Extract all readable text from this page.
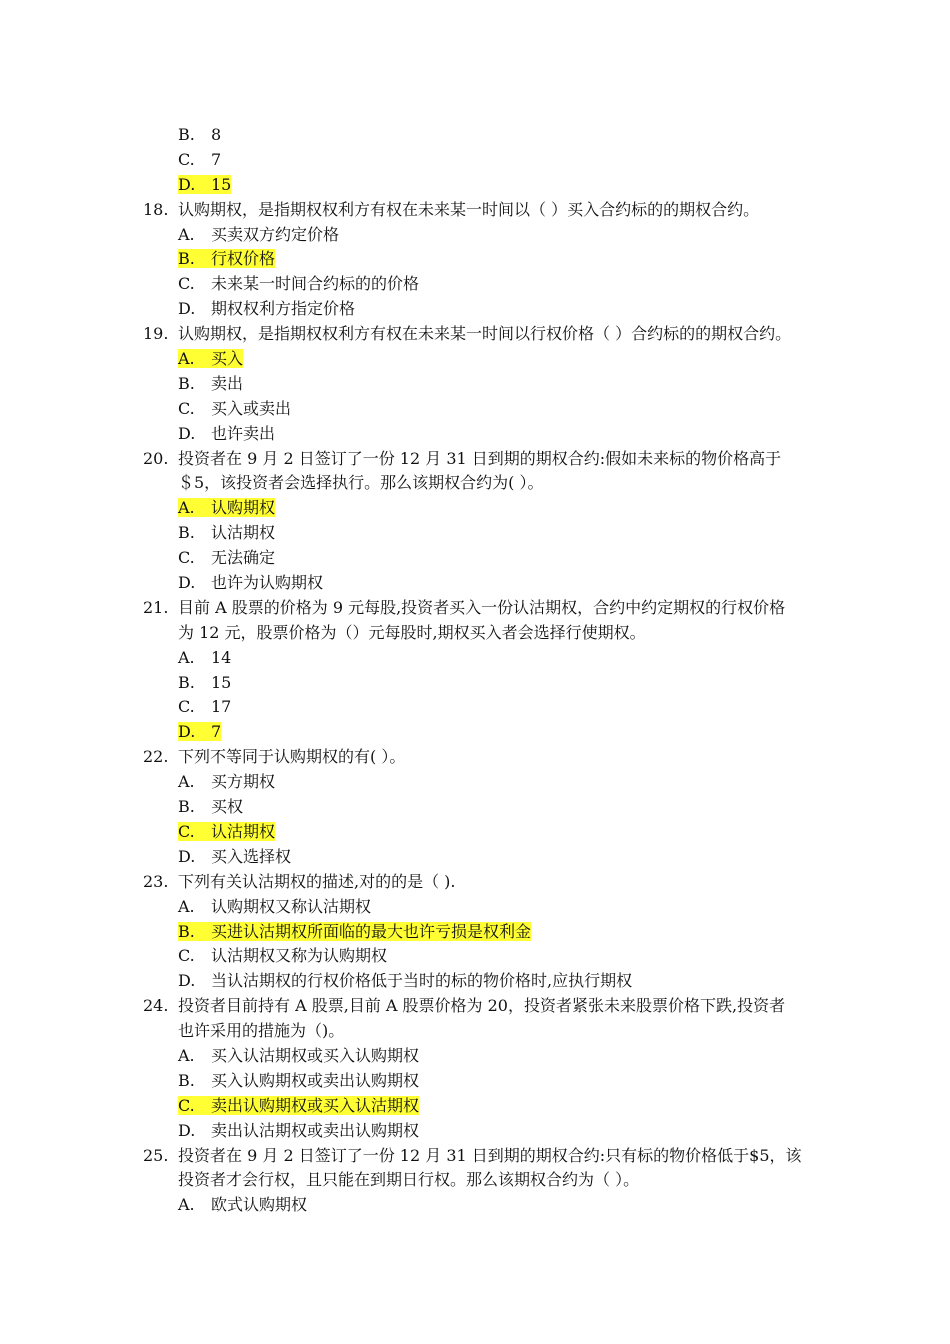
B. 8
C. 7
D. 15
18. 认购期权，是指期权权利方有权在未来某一时间以（ ）买入合约标的的期权合约。
A. 买卖双方约定价格
B. 行权价格
C. 未来某一时间合约标的的价格
D. 期权权利方指定价格
19. 认购期权，是指期权权利方有权在未来某一时间以行权价格（ ）合约标的的期权合约。
A. 买入
B. 卖出
C. 买入或卖出
D. 也许卖出
20. 投资者在 9 月 2 日签订了一份 12 月 31 日到期的期权合约:假如未来标的物价格高于
＄5，该投资者会选择执行。那么该期权合约为( ）。
A. 认购期权
B. 认沽期权
C. 无法确定
D. 也许为认购期权
21. 目前 A 股票的价格为 9 元每股,投资者买入一份认沽期权，合约中约定期权的行权价格
为 12 元，股票价格为（）元每股时,期权买入者会选择行使期权。
A. 14
B. 15
C. 17
D. 7
22. 下列不等同于认购期权的有( ）。
A. 买方期权
B. 买权
C. 认沽期权
D. 买入选择权
23. 下列有关认沽期权的描述,对的的是（ ).
A. 认购期权又称认沽期权
B. 买进认沽期权所面临的最大也许亏损是权利金
C. 认沽期权又称为认购期权
D. 当认沽期权的行权价格低于当时的标的物价格时,应执行期权
24. 投资者目前持有 A 股票,目前 A 股票价格为 20，投资者紧张未来股票价格下跌,投资者
也许采用的措施为（)。
A. 买入认沽期权或买入认购期权
B. 买入认购期权或卖出认购期权
C. 卖出认购期权或买入认沽期权
D. 卖出认沽期权或卖出认购期权
25. 投资者在 9 月 2 日签订了一份 12 月 31 日到期的期权合约:只有标的物价格低于$5，该
投资者才会行权，且只能在到期日行权。那么该期权合约为（ ）。
A. 欧式认购期权
